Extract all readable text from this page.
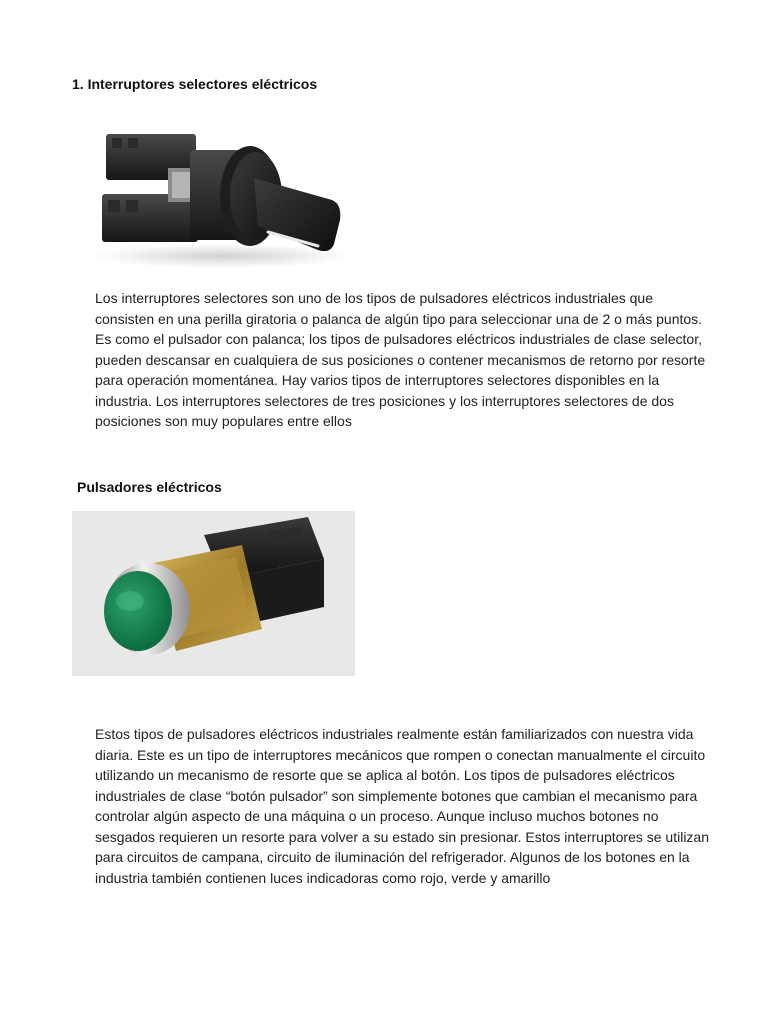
1. Interruptores selectores eléctricos
Los interruptores selectores son uno de los tipos de pulsadores eléctricos industriales que consisten en una perilla giratoria o palanca de algún tipo para seleccionar una de 2 o más puntos. Es como el pulsador con palanca; los tipos de pulsadores eléctricos industriales de clase selector, pueden descansar en cualquiera de sus posiciones o contener mecanismos de retorno por resorte para operación momentánea. Hay varios tipos de interruptores selectores disponibles en la industria. Los interruptores selectores de tres posiciones y los interruptores selectores de dos posiciones son muy populares entre ellos
Pulsadores eléctricos
Estos tipos de pulsadores eléctricos industriales realmente están familiarizados con nuestra vida diaria. Este es un tipo de interruptores mecánicos que rompen o conectan manualmente el circuito utilizando un mecanismo de resorte que se aplica al botón. Los tipos de pulsadores eléctricos industriales de clase “botón pulsador” son simplemente botones que cambian el mecanismo para controlar algún aspecto de una máquina o un proceso. Aunque incluso muchos botones no sesgados requieren un resorte para volver a su estado sin presionar. Estos interruptores se utilizan para circuitos de campana, circuito de iluminación del refrigerador. Algunos de los botones en la industria también contienen luces indicadoras como rojo, verde y amarillo
